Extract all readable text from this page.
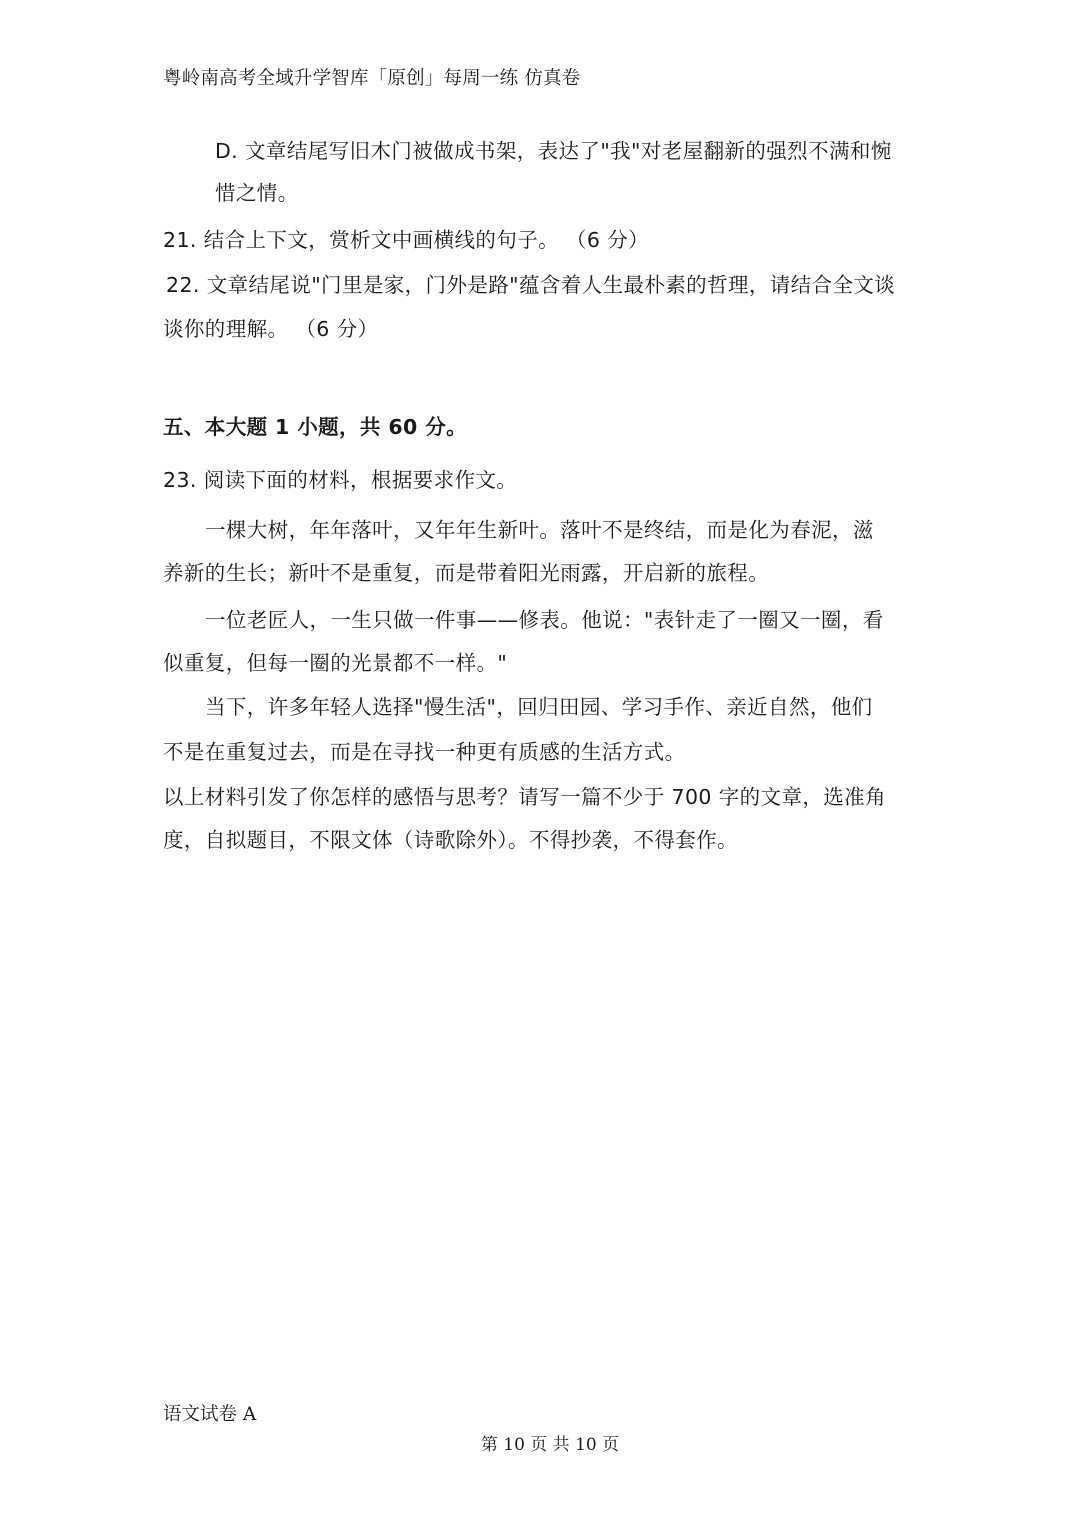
粤岭南高考全域升学智库「原创」每周一练 仿真卷
D. 文章结尾写旧木门被做成书架，表达了"我"对老屋翻新的强烈不满和惋
惜之情。
21. 结合上下文，赏析文中画横线的句子。 （6 分）
22. 文章结尾说"门里是家，门外是路"蕴含着人生最朴素的哲理，请结合全文谈
谈你的理解。 （6 分）
五、本大题 1 小题，共 60 分。
23. 阅读下面的材料，根据要求作文。
一棵大树，年年落叶，又年年生新叶。落叶不是终结，而是化为春泥，滋
养新的生长；新叶不是重复，而是带着阳光雨露，开启新的旅程。
一位老匠人，一生只做一件事——修表。他说："表针走了一圈又一圈，看
似重复，但每一圈的光景都不一样。"
当下，许多年轻人选择"慢生活"，回归田园、学习手作、亲近自然，他们
不是在重复过去，而是在寻找一种更有质感的生活方式。
以上材料引发了你怎样的感悟与思考？请写一篇不少于 700 字的文章，选准角
度，自拟题目，不限文体（诗歌除外）。不得抄袭，不得套作。
语文试卷 A
第 10 页 共 10 页
